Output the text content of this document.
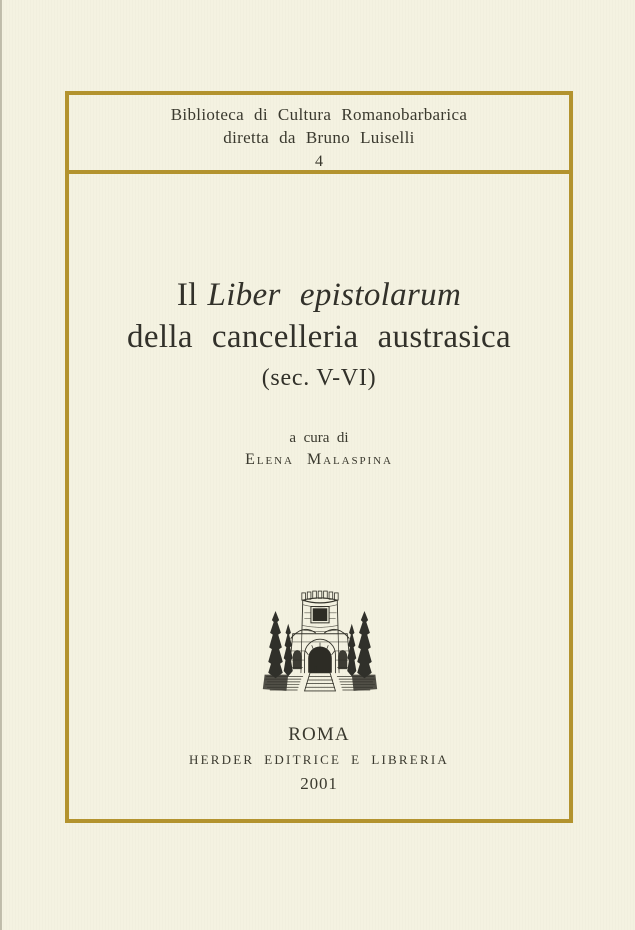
Biblioteca di Cultura Romanobarbarica
diretta da Bruno Luiselli
4
Il Liber epistolarum
della cancelleria austrasica
(sec. V-VI)
a cura di
Elena Malaspina
ROMA
HERDER EDITRICE E LIBRERIA
2001
